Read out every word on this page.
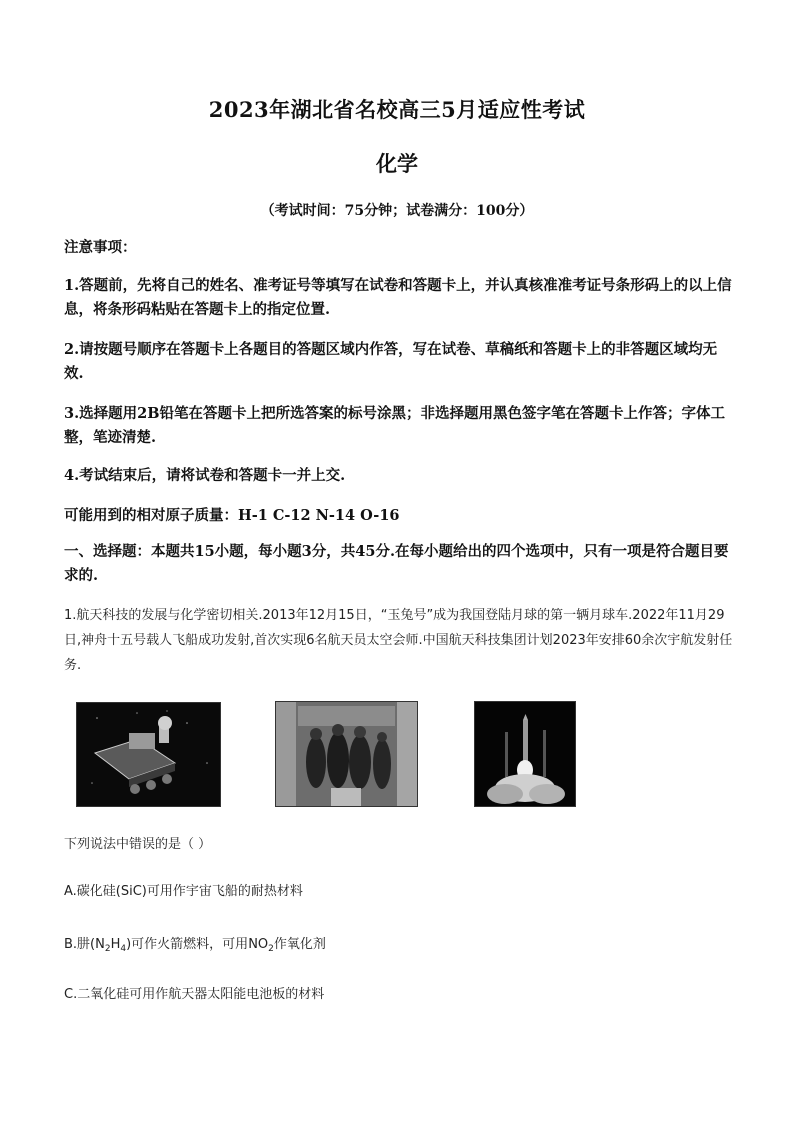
2023年湖北省名校高三5月适应性考试
化学
（考试时间：75分钟；试卷满分：100分）
注意事项：
1.答题前，先将自己的姓名、准考证号等填写在试卷和答题卡上，并认真核准准考证号条形码上的以上信息，将条形码粘贴在答题卡上的指定位置.
2.请按题号顺序在答题卡上各题目的答题区域内作答，写在试卷、草稿纸和答题卡上的非答题区域均无效.
3.选择题用2B铅笔在答题卡上把所选答案的标号涂黑；非选择题用黑色签字笔在答题卡上作答；字体工整，笔迹清楚.
4.考试结束后，请将试卷和答题卡一并上交.
可能用到的相对原子质量：H-1 C-12 N-14 O-16
一、选择题：本题共15小题，每小题3分，共45分.在每小题给出的四个选项中，只有一项是符合题目要求的.
1.航天科技的发展与化学密切相关.2013年12月15日，“玉兔号”成为我国登陆月球的第一辆月球车.2022年11月29日,神舟十五号载人飞船成功发射,首次实现6名航天员太空会师.中国航天科技集团计划2023年安排60余次宇航发射任务.
下列说法中错误的是（ ）
A.碳化硅(SiC)可用作宇宙飞船的耐热材料
B.肼$(N_2H_4)$可作火箭燃料，可用$NO_2$作氧化剂
C.二氧化硅可用作航天器太阳能电池板的材料
